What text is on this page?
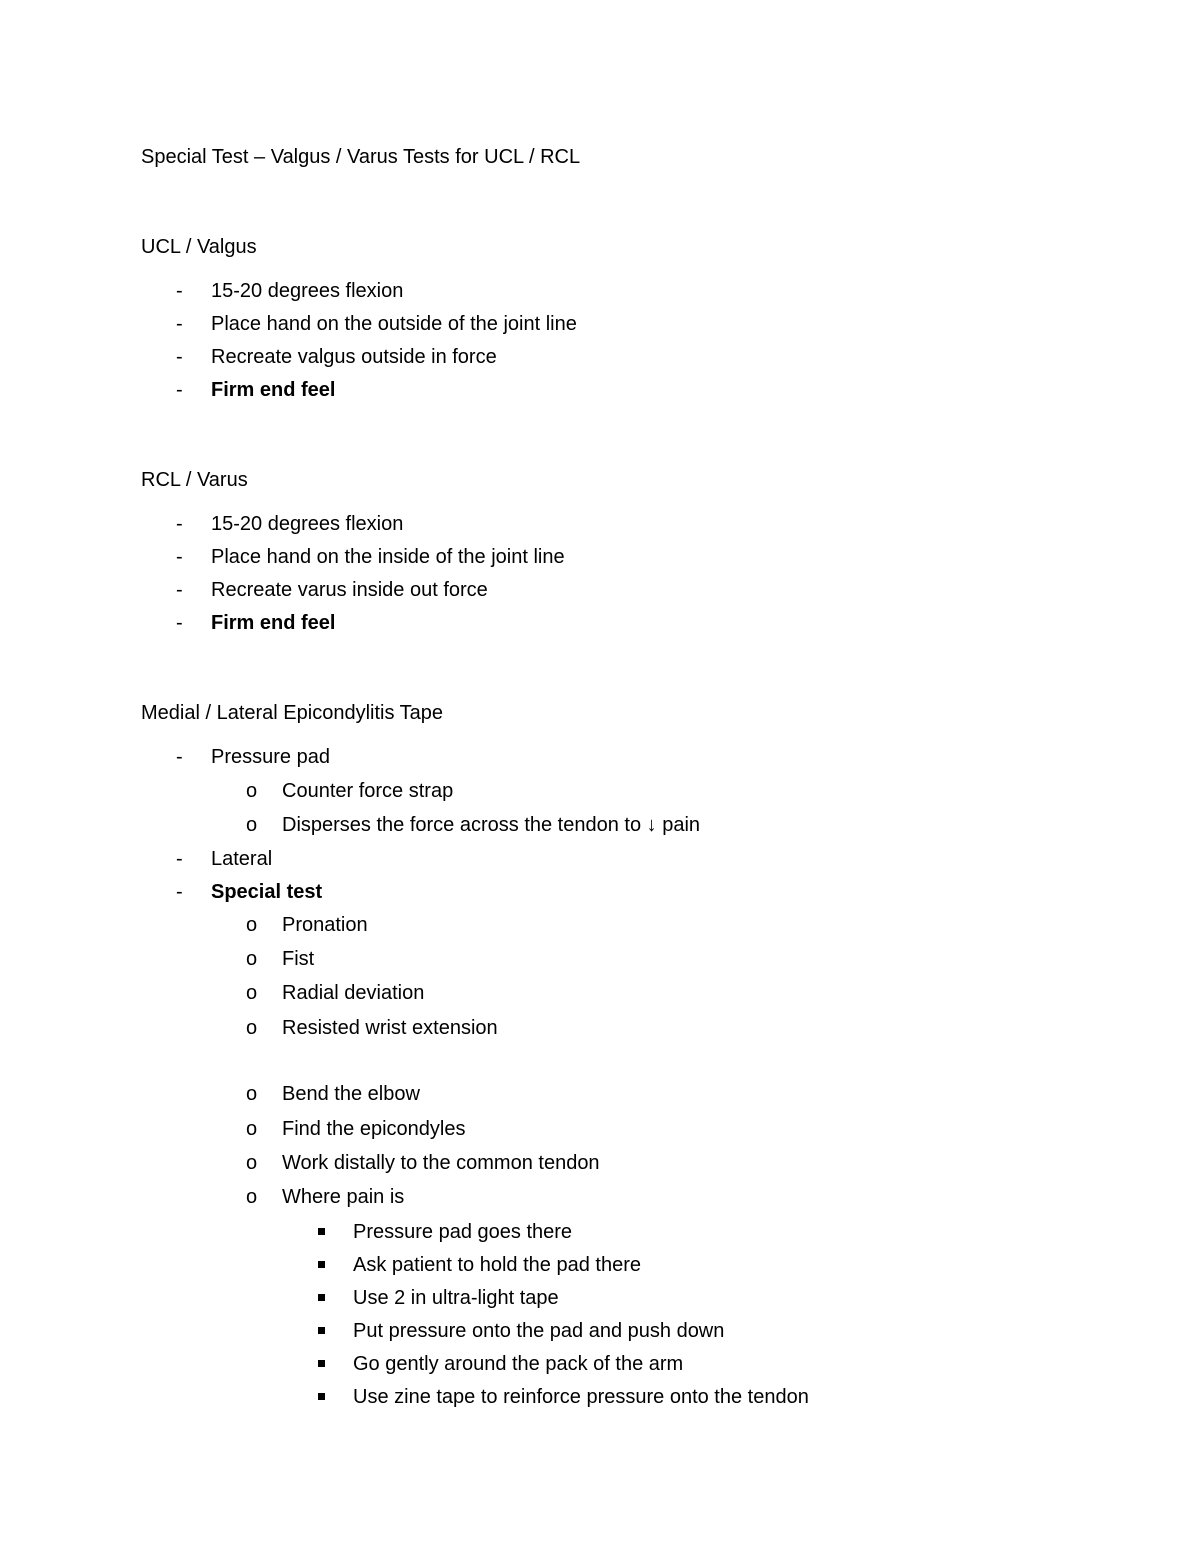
Special Test – Valgus / Varus Tests for UCL / RCL
UCL / Valgus
- 15-20 degrees flexion
- Place hand on the outside of the joint line
- Recreate valgus outside in force
- Firm end feel
RCL / Varus
- 15-20 degrees flexion
- Place hand on the inside of the joint line
- Recreate varus inside out force
- Firm end feel
Medial / Lateral Epicondylitis Tape
- Pressure pad
o Counter force strap
o Disperses the force across the tendon to ↓ pain
- Lateral
- Special test
o Pronation
o Fist
o Radial deviation
o Resisted wrist extension
o Bend the elbow
o Find the epicondyles
o Work distally to the common tendon
o Where pain is
Pressure pad goes there
Ask patient to hold the pad there
Use 2 in ultra-light tape
Put pressure onto the pad and push down
Go gently around the pack of the arm
Use zine tape to reinforce pressure onto the tendon
